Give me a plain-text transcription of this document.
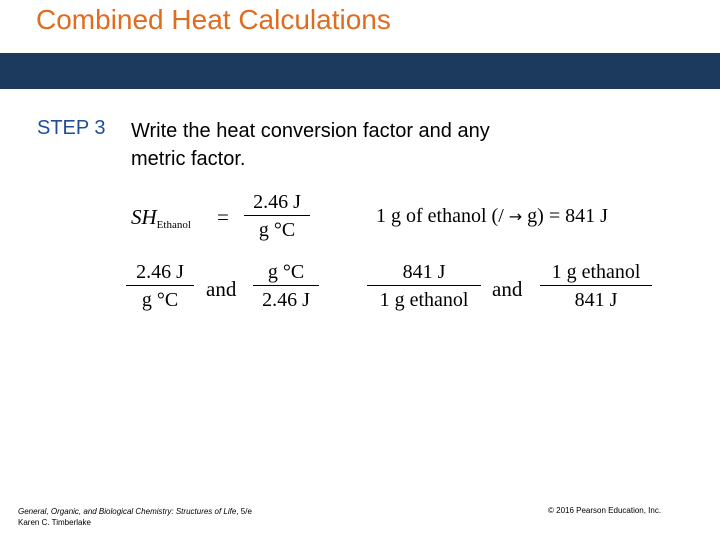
Combined Heat Calculations
STEP 3 Write the heat conversion factor and any
metric factor.
$SH_{Ethanol}$ =
2.46 J
g °C
1 g of ethanol (/ → g) = 841 J
2.46 J
g °C	and
g °C
2.46 J
841 J
1 g ethanol	and
1 g ethanol
841 J
General, Organic, and Biological Chemistry: Structures of Life, 5/e
Karen C. Timberlake
© 2016 Pearson Education, Inc.
